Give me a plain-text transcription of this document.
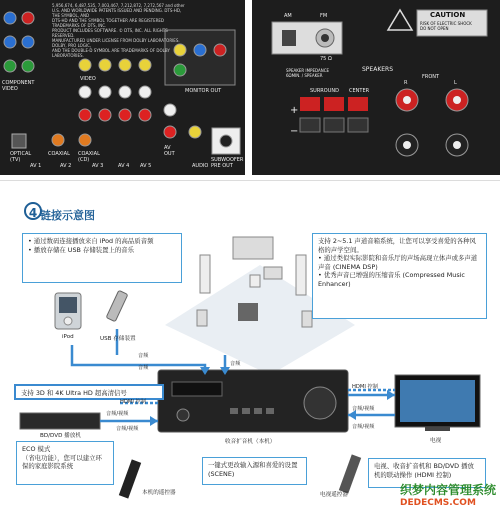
5,956,674, 6,487,535, 7,003,467, 7,212,872, 7,272,567 and other
U.S. AND WORLDWIDE PATENTS ISSUED AND PENDING. DTS-HD, THE SYMBOL, AND
DTS-HD AND THE SYMBOL TOGETHER ARE REGISTERED TRADEMARKS OF DTS, INC.
PRODUCT INCLUDES SOFTWARE. © DTS, INC. ALL RIGHTS RESERVED.
MANUFACTURED UNDER LICENSE FROM DOLBY LABORATORIES. DOLBY, PRO LOGIC,
AND THE DOUBLE-D SYMBOL ARE TRADEMARKS OF DOLBY LABORATORIES.
COMPONENT
VIDEO
VIDEO
MONITOR OUT
OPTICAL
(TV)
COAXIAL COAXIAL
(CD)
AV 1	AV 2	AV 3	AV 4 AV 5
AV
OUT
AUDIO
SUBWOOFER
PRE OUT
AM	FM
75 Ω
CAUTION
RISK OF ELECTRIC SHOCK
DO NOT OPEN
SPEAKERS
SPEAKER IMPEDANCE
6ΩMIN. / SPEAKER
SURROUND CENTER
FRONT
R	L
+
−
4 链接示意图

• 通过数码连接播放来自 iPod 的高品质音频

• 播放存储在 USB 存储装置上的音乐

支持 2~5.1 声道音箱系统，让您可以享受喜爱的各种风格的声学空间。

• 通过类似实际影院和音乐厅的声场高现立体声或多声道声音 (CINEMA DSP)

• 优秀声音已增强的压缩音乐 (Compressed Music Enhancer)

支持 3D 和 4K Ultra HD 超高清信号

ECO 模式
（省电功能），您可以建立环保的家庭影院系统	一键式更改输入源和喜爱的设置 (SCENE)

电视、收音扩音机和 BD/DVD 播放机的联动操作 (HDMI 控制)

iPod	USB 存储装置
BD/DVD 播放机
收音扩音机（本机）	电视
本机的遥控器	电视遥控器
音频
音频
音频
HDMI 控制
HDMI 控制
音频/视频
音频/视频
音频/视频
音频/视频
织梦内容管理系统
DEDECMS.COM
